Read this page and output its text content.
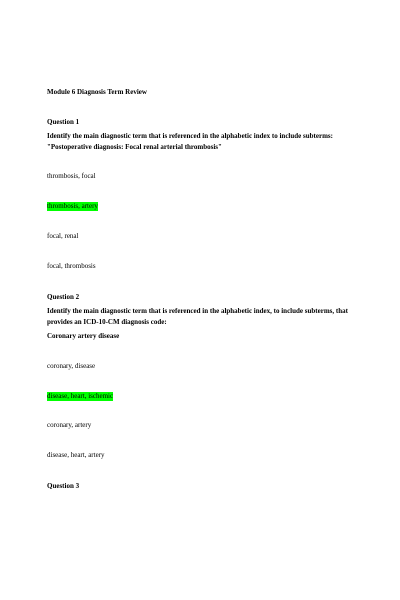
Module 6 Diagnosis Term Review
Question 1
Identify the main diagnostic term that is referenced in the alphabetic index to include subterms: "Postoperative diagnosis: Focal renal arterial thrombosis"
thrombosis, focal
thrombosis, artery
focal, renal
focal, thrombosis
Question 2
Identify the main diagnostic term that is referenced in the alphabetic index, to include subterms, that provides an ICD-10-CM diagnosis code:
Coronary artery disease
coronary, disease
disease, heart, ischemic
coronary, artery
disease, heart, artery
Question 3
